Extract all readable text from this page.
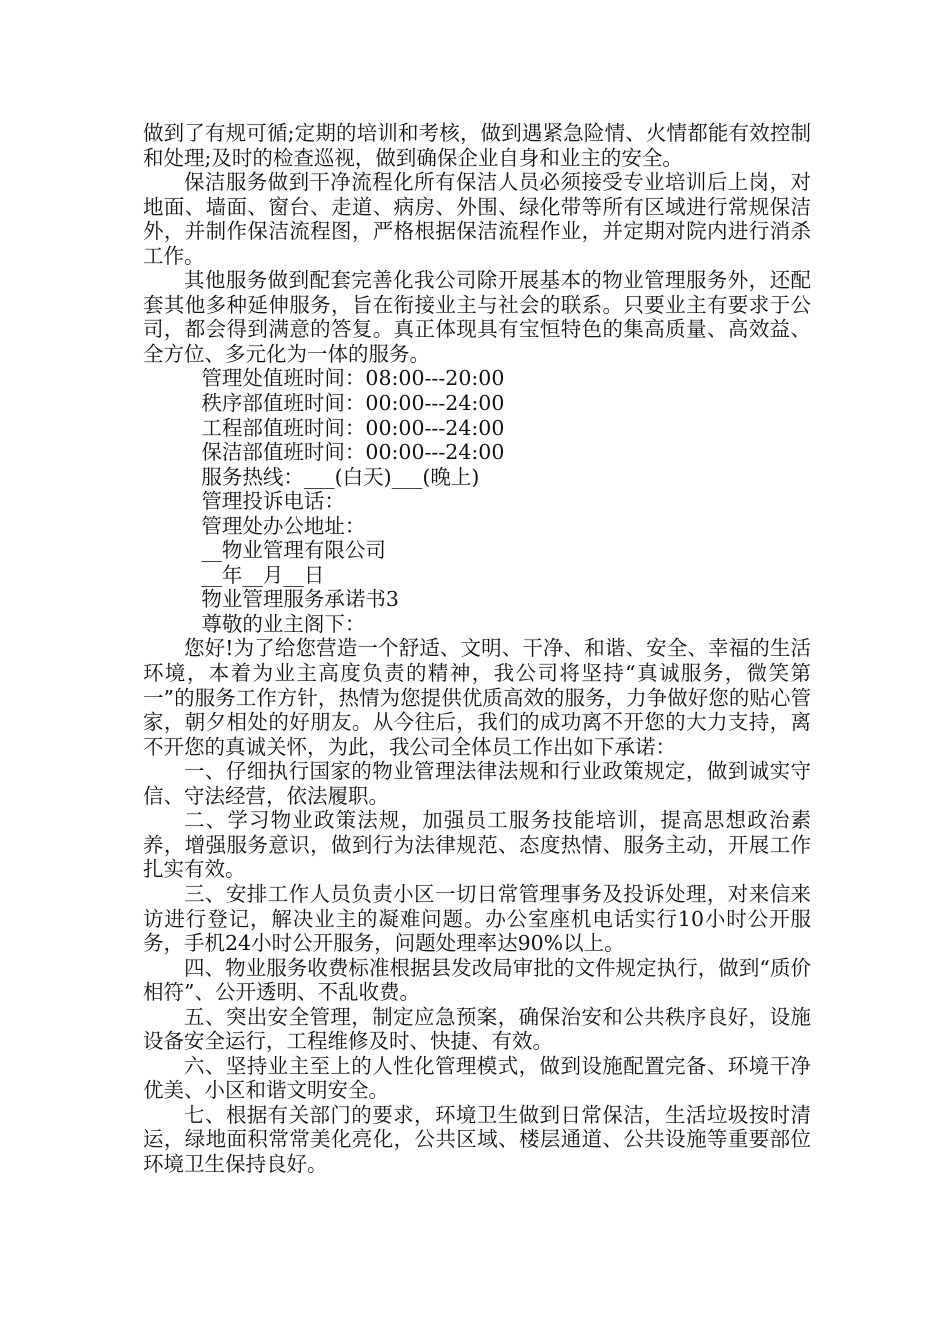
做到了有规可循;定期的培训和考核，做到遇紧急险情、火情都能有效控制和处理;及时的检查巡视，做到确保企业自身和业主的安全。

保洁服务做到干净流程化所有保洁人员必须接受专业培训后上岗，对地面、墙面、窗台、走道、病房、外围、绿化带等所有区域进行常规保洁外，并制作保洁流程图，严格根据保洁流程作业，并定期对院内进行消杀工作。

其他服务做到配套完善化我公司除开展基本的物业管理服务外，还配套其他多种延伸服务，旨在衔接业主与社会的联系。只要业主有要求于公司，都会得到满意的答复。真正体现具有宝恒特色的集高质量、高效益、全方位、多元化为一体的服务。

管理处值班时间：08:00---20:00

秩序部值班时间：00:00---24:00

工程部值班时间：00:00---24:00

保洁部值班时间：00:00---24:00

服务热线：___(白天)___(晚上)

管理投诉电话：

管理处办公地址：

__物业管理有限公司

__年__月__日

物业管理服务承诺书3

尊敬的业主阁下：

您好!为了给您营造一个舒适、文明、干净、和谐、安全、幸福的生活环境，本着为业主高度负责的精神，我公司将坚持“真诚服务，微笑第一”的服务工作方针，热情为您提供优质高效的服务，力争做好您的贴心管家，朝夕相处的好朋友。从今往后，我们的成功离不开您的大力支持，离不开您的真诚关怀，为此，我公司全体员工作出如下承诺：

一、仔细执行国家的物业管理法律法规和行业政策规定，做到诚实守信、守法经营，依法履职。

二、学习物业政策法规，加强员工服务技能培训，提高思想政治素养，增强服务意识，做到行为法律规范、态度热情、服务主动，开展工作扎实有效。

三、安排工作人员负责小区一切日常管理事务及投诉处理，对来信来访进行登记，解决业主的凝难问题。办公室座机电话实行10小时公开服务，手机24小时公开服务，问题处理率达90%以上。

四、物业服务收费标准根据县发改局审批的文件规定执行，做到“质价相符”、公开透明、不乱收费。

五、突出安全管理，制定应急预案，确保治安和公共秩序良好，设施设备安全运行，工程维修及时、快捷、有效。

六、坚持业主至上的人性化管理模式，做到设施配置完备、环境干净优美、小区和谐文明安全。

七、根据有关部门的要求，环境卫生做到日常保洁，生活垃圾按时清运，绿地面积常常美化亮化，公共区域、楼层通道、公共设施等重要部位环境卫生保持良好。
